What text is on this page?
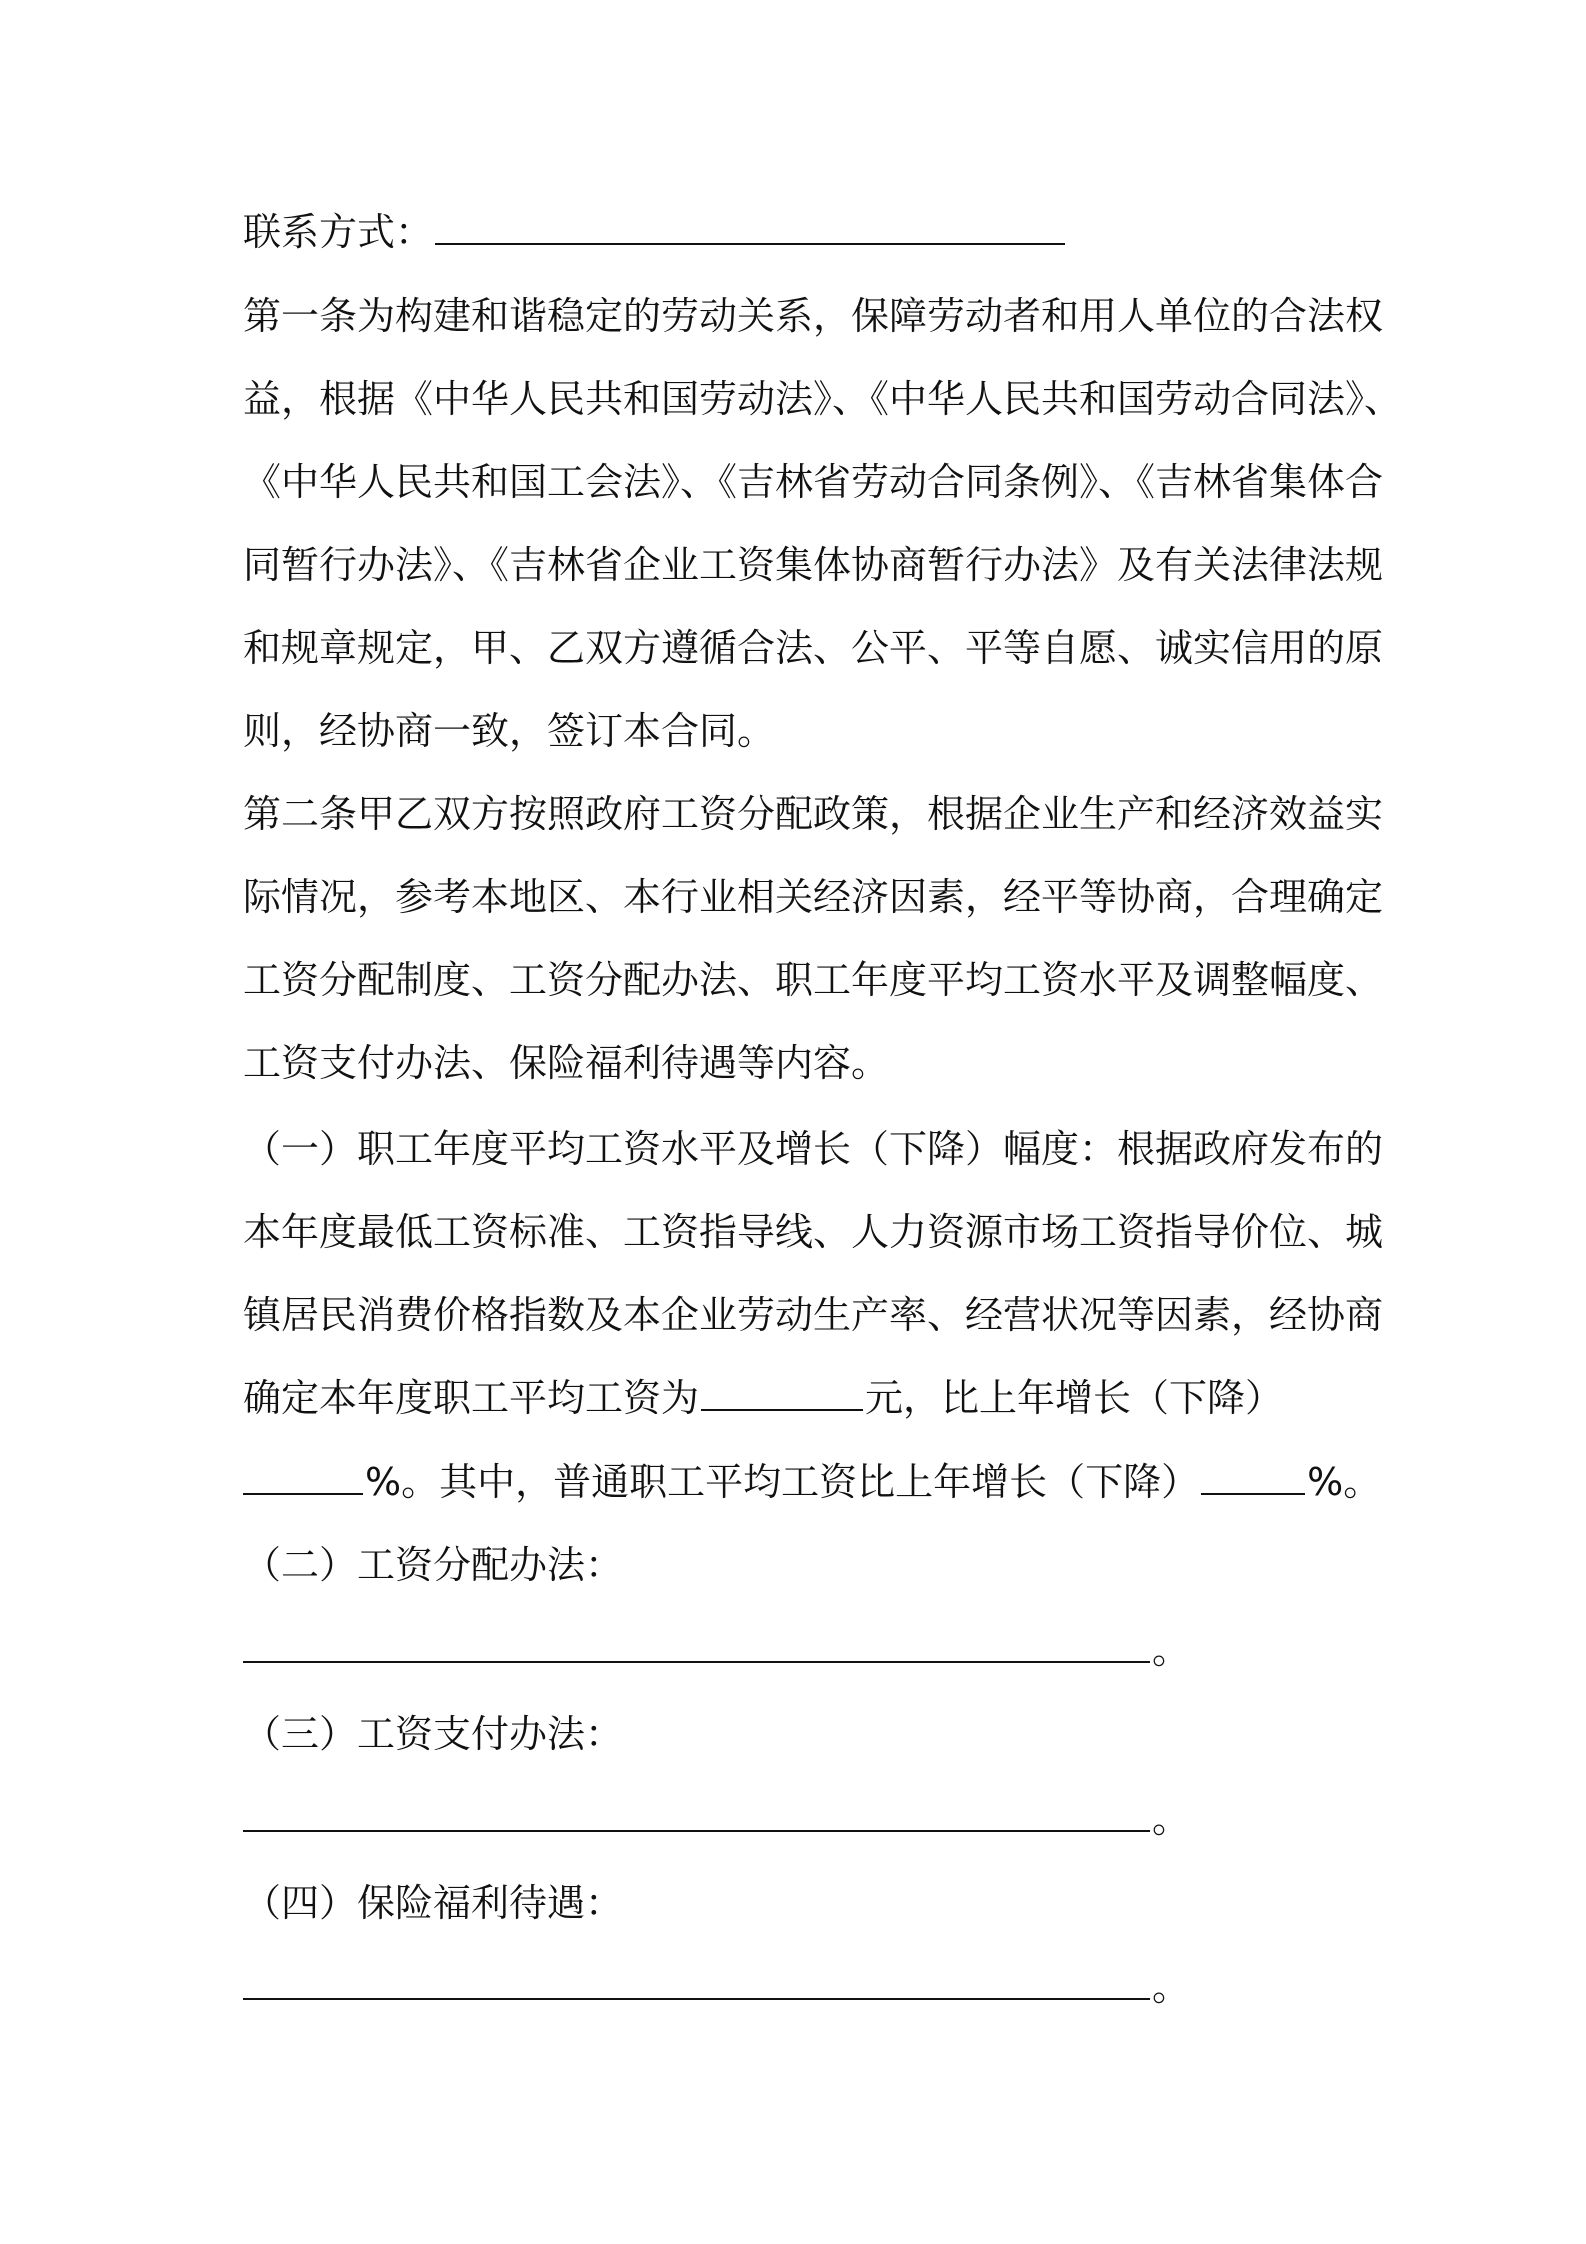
联系方式：
第一条为构建和谐稳定的劳动关系，保障劳动者和用人单位的合法权
益，根据《中华人民共和国劳动法》、《中华人民共和国劳动合同法》、
《中华人民共和国工会法》、《吉林省劳动合同条例》、《吉林省集体合
同暂行办法》、《吉林省企业工资集体协商暂行办法》及有关法律法规
和规章规定，甲、乙双方遵循合法、公平、平等自愿、诚实信用的原
则，经协商一致，签订本合同。
第二条甲乙双方按照政府工资分配政策，根据企业生产和经济效益实
际情况，参考本地区、本行业相关经济因素，经平等协商，合理确定
工资分配制度、工资分配办法、职工年度平均工资水平及调整幅度、
工资支付办法、保险福利待遇等内容。
（一）职工年度平均工资水平及增长（下降）幅度：根据政府发布的
本年度最低工资标准、工资指导线、人力资源市场工资指导价位、城
镇居民消费价格指数及本企业劳动生产率、经营状况等因素，经协商
确定本年度职工平均工资为	元，比上年增长（下降）
%。其中，普通职工平均工资比上年增长（下降）	%。
（二）工资分配办法：
。
（三）工资支付办法：
。
（四）保险福利待遇：
。
